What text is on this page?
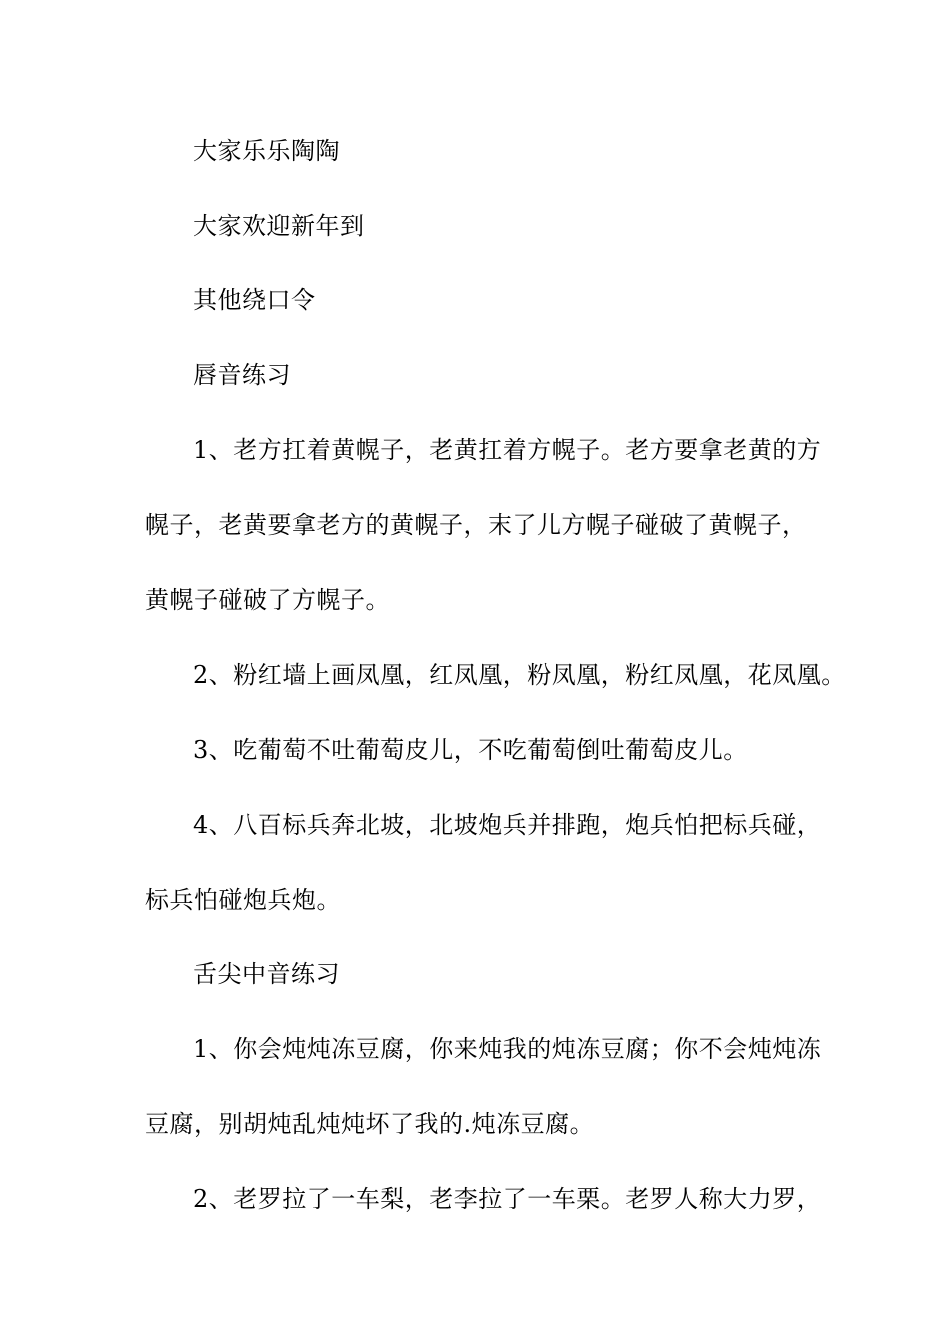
大家乐乐陶陶
大家欢迎新年到
其他绕口令
唇音练习
1、老方扛着黄幌子，老黄扛着方幌子。老方要拿老黄的方
幌子，老黄要拿老方的黄幌子，末了儿方幌子碰破了黄幌子，
黄幌子碰破了方幌子。
2、粉红墙上画凤凰，红凤凰，粉凤凰，粉红凤凰，花凤凰。
3、吃葡萄不吐葡萄皮儿，不吃葡萄倒吐葡萄皮儿。
4、八百标兵奔北坡，北坡炮兵并排跑，炮兵怕把标兵碰，
标兵怕碰炮兵炮。
舌尖中音练习
1、你会炖炖冻豆腐，你来炖我的炖冻豆腐；你不会炖炖冻
豆腐，别胡炖乱炖炖坏了我的.炖冻豆腐。
2、老罗拉了一车梨，老李拉了一车栗。老罗人称大力罗，
